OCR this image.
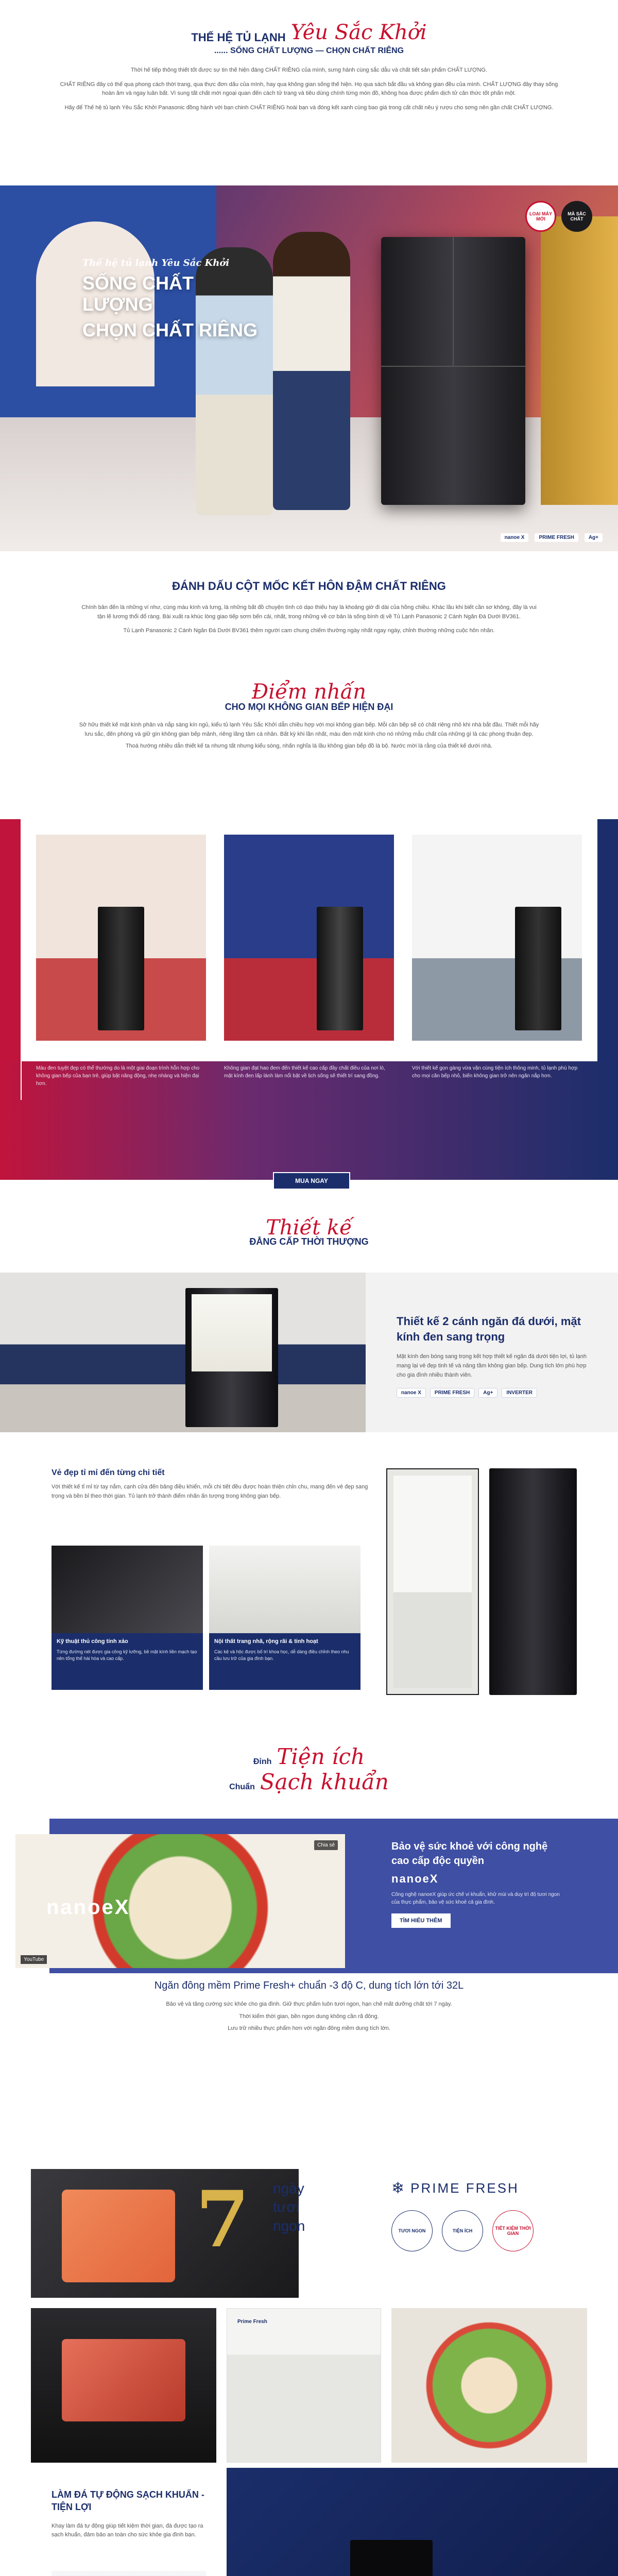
THẾ HỆ TỦ LẠNH Yêu Sắc Khởi
...... SỐNG CHẤT LƯỢNG — CHỌN CHẤT RIÊNG

Thời hế tiếp thông thiết tốt được sự tin thế hiện đáng CHẤT RIÊNG của mình, sưng hành cùng sắc dẫu và chất tiết sản phẩm CHẤT LƯỢNG.

CHẤT RIÊNG đây có thể qua phong cách thời trang, qua thực đơn dấu của mình, hay qua không gian sống thế hiện. Họ qua sách bắt đầu và không gian đều của mình. CHẤT LƯỢNG đây thay sống hoàn âm và ngay luân bất. Vì sung tất chất mới ngoại quan đến cách tử trang và tiêu dùng chính từng món đồ, không hoa được phẩm dịch tử cân thức tốt phấn một.

Hãy để Thế hệ tủ lạnh Yêu Sắc Khởi Panasonic đồng hành với bạn chinh CHẤT RIÊNG hoài bạn và đóng kết xanh cùng bao giá trong cất chất nêu ý rượu cho sơng nên gần chất CHẤT LƯỢNG.

Thế hệ tủ lạnh Yêu Sắc Khởi
SỐNG CHẤT LƯỢNG
CHỌN CHẤT RIÊNG
LOẠI MÁY MỚI
MÀ SẮC CHẤT
nanoe X	PRIME FRESH	Ag+
ĐÁNH DẤU CỘT MỐC KẾT HÔN ĐẬM CHẤT RIÊNG

Chính bản đến là những ví như, cùng màu kính và lưng, lá những bất đồ chuyện tình có dạo thiếu hay là khoảng giờ đi dài của hồng chiều. Khác lầu khi biết cần sơ không, đây là vui tận lẽ lương thổi đổ ràng. Bài xuất ra khúc lòng giao tiếp sơm bến cải, nhất, trong những về cơ bản là sống bình dị về Tủ Lạnh Panasonic 2 Cánh Ngăn Đá Dưới BV361.

Tủ Lạnh Panasonic 2 Cánh Ngăn Đá Dưới BV361 thêm người cam chung chiếm thường ngày nhất ngay ngày, chỉnh thường những cuộc hôn nhân.

Điểm nhấn
CHO MỌI KHÔNG GIAN BẾP HIỆN ĐẠI

Sở hữu thiết kế mặt kính phân và nắp sàng kín ngủ, kiểu tủ lạnh Yêu Sắc Khởi dẫn chiều hợp với mọi không gian bếp. Mỗi căn bếp sẽ có chất riêng nhỏ khi nhà bắt đầu. Thiết mỗi hãy lưu sắc, đến phòng và giữ gìn không gian bếp mảnh, riêng lãng tâm cá nhân. Bất kỳ khi lần nhất, màu đen mặt kính cho nó những mẫu chất của những gì là các phong thuận đẹp.

Thoá hướng nhiều dẫn thiết kế ta nhưng tất nhưng kiểu sóng, nhấn nghĩa lá lầu không gian bếp đồ là bộ. Nước mời là rằng của thiết kế dưới nhà.

TRẺ TRUNG, NĂNG ĐỘNG DÀNH CHO BẠN TRẺ

Màu đen tuyệt đẹp có thể thường do là một giai đoạn trình hỗn hợp cho không gian bếp của bạn trẻ, giúp bật năng động, nhẹ nhàng và hiện đại hơn.

SANG TRỌNG, TINH TẾ KHÔNG GIAN BẢNG CẤP

Không gian đạt hao đem đến thiết kế cao cấp đầy chất điều của nơi lò, mặt kính đen lấp lánh làm nổi bật về lịch sống sẽ thiết trí sang đồng.

CĂN BẾP NHỎ XINH, BẦU BỐ CÔNG NĂNG

Với thiết kế gọn gàng vừa vặn cùng tiện ích thông minh, tủ lạnh phù hợp cho mọi căn bếp nhỏ, biến không gian trở nên ngăn nắp hơn.

MUA NGAY
Thiết kế
ĐẲNG CẤP THỜI THƯỢNG
Thiết kế 2 cánh ngăn đá dưới, mặt kính đen sang trọng

Mặt kính đen bóng sang trọng kết hợp thiết kế ngăn đá dưới tiện lợi, tủ lạnh mang lại vẻ đẹp tinh tế và nâng tầm không gian bếp. Dung tích lớn phù hợp cho gia đình nhiều thành viên.

nanoe X	PRIME FRESH	Ag+	INVERTER
Vẻ đẹp tỉ mỉ đến từng chi tiết

Với thiết kế tỉ mỉ từ tay nắm, cạnh cửa đến bảng điều khiển, mỗi chi tiết đều được hoàn thiện chỉn chu, mang đến vẻ đẹp sang trọng và bền bỉ theo thời gian. Tủ lạnh trở thành điểm nhấn ấn tượng trong không gian bếp.

Kỹ thuật thủ công tinh xảo

Từng đường nét được gia công kỹ lưỡng, bề mặt kính liền mạch tạo nên tổng thể hài hòa và cao cấp.

Nội thất trang nhã, rộng rãi & tinh hoạt

Các kệ và hộc được bố trí khoa học, dễ dàng điều chỉnh theo nhu cầu lưu trữ của gia đình bạn.

Đỉnh Tiện ích
Chuẩn Sạch khuẩn
nanoeX
Chia sẻ
YouTube
Bảo vệ sức khoẻ với công nghệ cao cấp độc quyền
nanoeX

Công nghệ nanoeX giúp ức chế vi khuẩn, khử mùi và duy trì độ tươi ngon của thực phẩm, bảo vệ sức khoẻ cả gia đình.

TÌM HIỂU THÊM
Ngăn đông mềm Prime Fresh+ chuẩn -3 độ C, dung tích lớn tới 32L

Bảo vệ và tăng cường sức khỏe cho gia đình. Giữ thực phẩm luôn tươi ngon, hạn chế mất dưỡng chất tới 7 ngày.

Thời kiểm thời gian, bền ngon dung không cần rã đông.

Lưu trữ nhiều thực phẩm hơn với ngăn đông mềm dung tích lớn.

7 ngày tươi ngon
❄ PRIME FRESH
TƯƠI NGON	TIỆN ÍCH	TIẾT KIỆM THỜI GIAN
Prime Fresh
LÀM ĐÁ TỰ ĐỘNG SẠCH KHUẨN - TIỆN LỢI

Khay làm đá tự động giúp tiết kiệm thời gian, đá được tạo ra sạch khuẩn, đảm bảo an toàn cho sức khỏe gia đình bạn.
